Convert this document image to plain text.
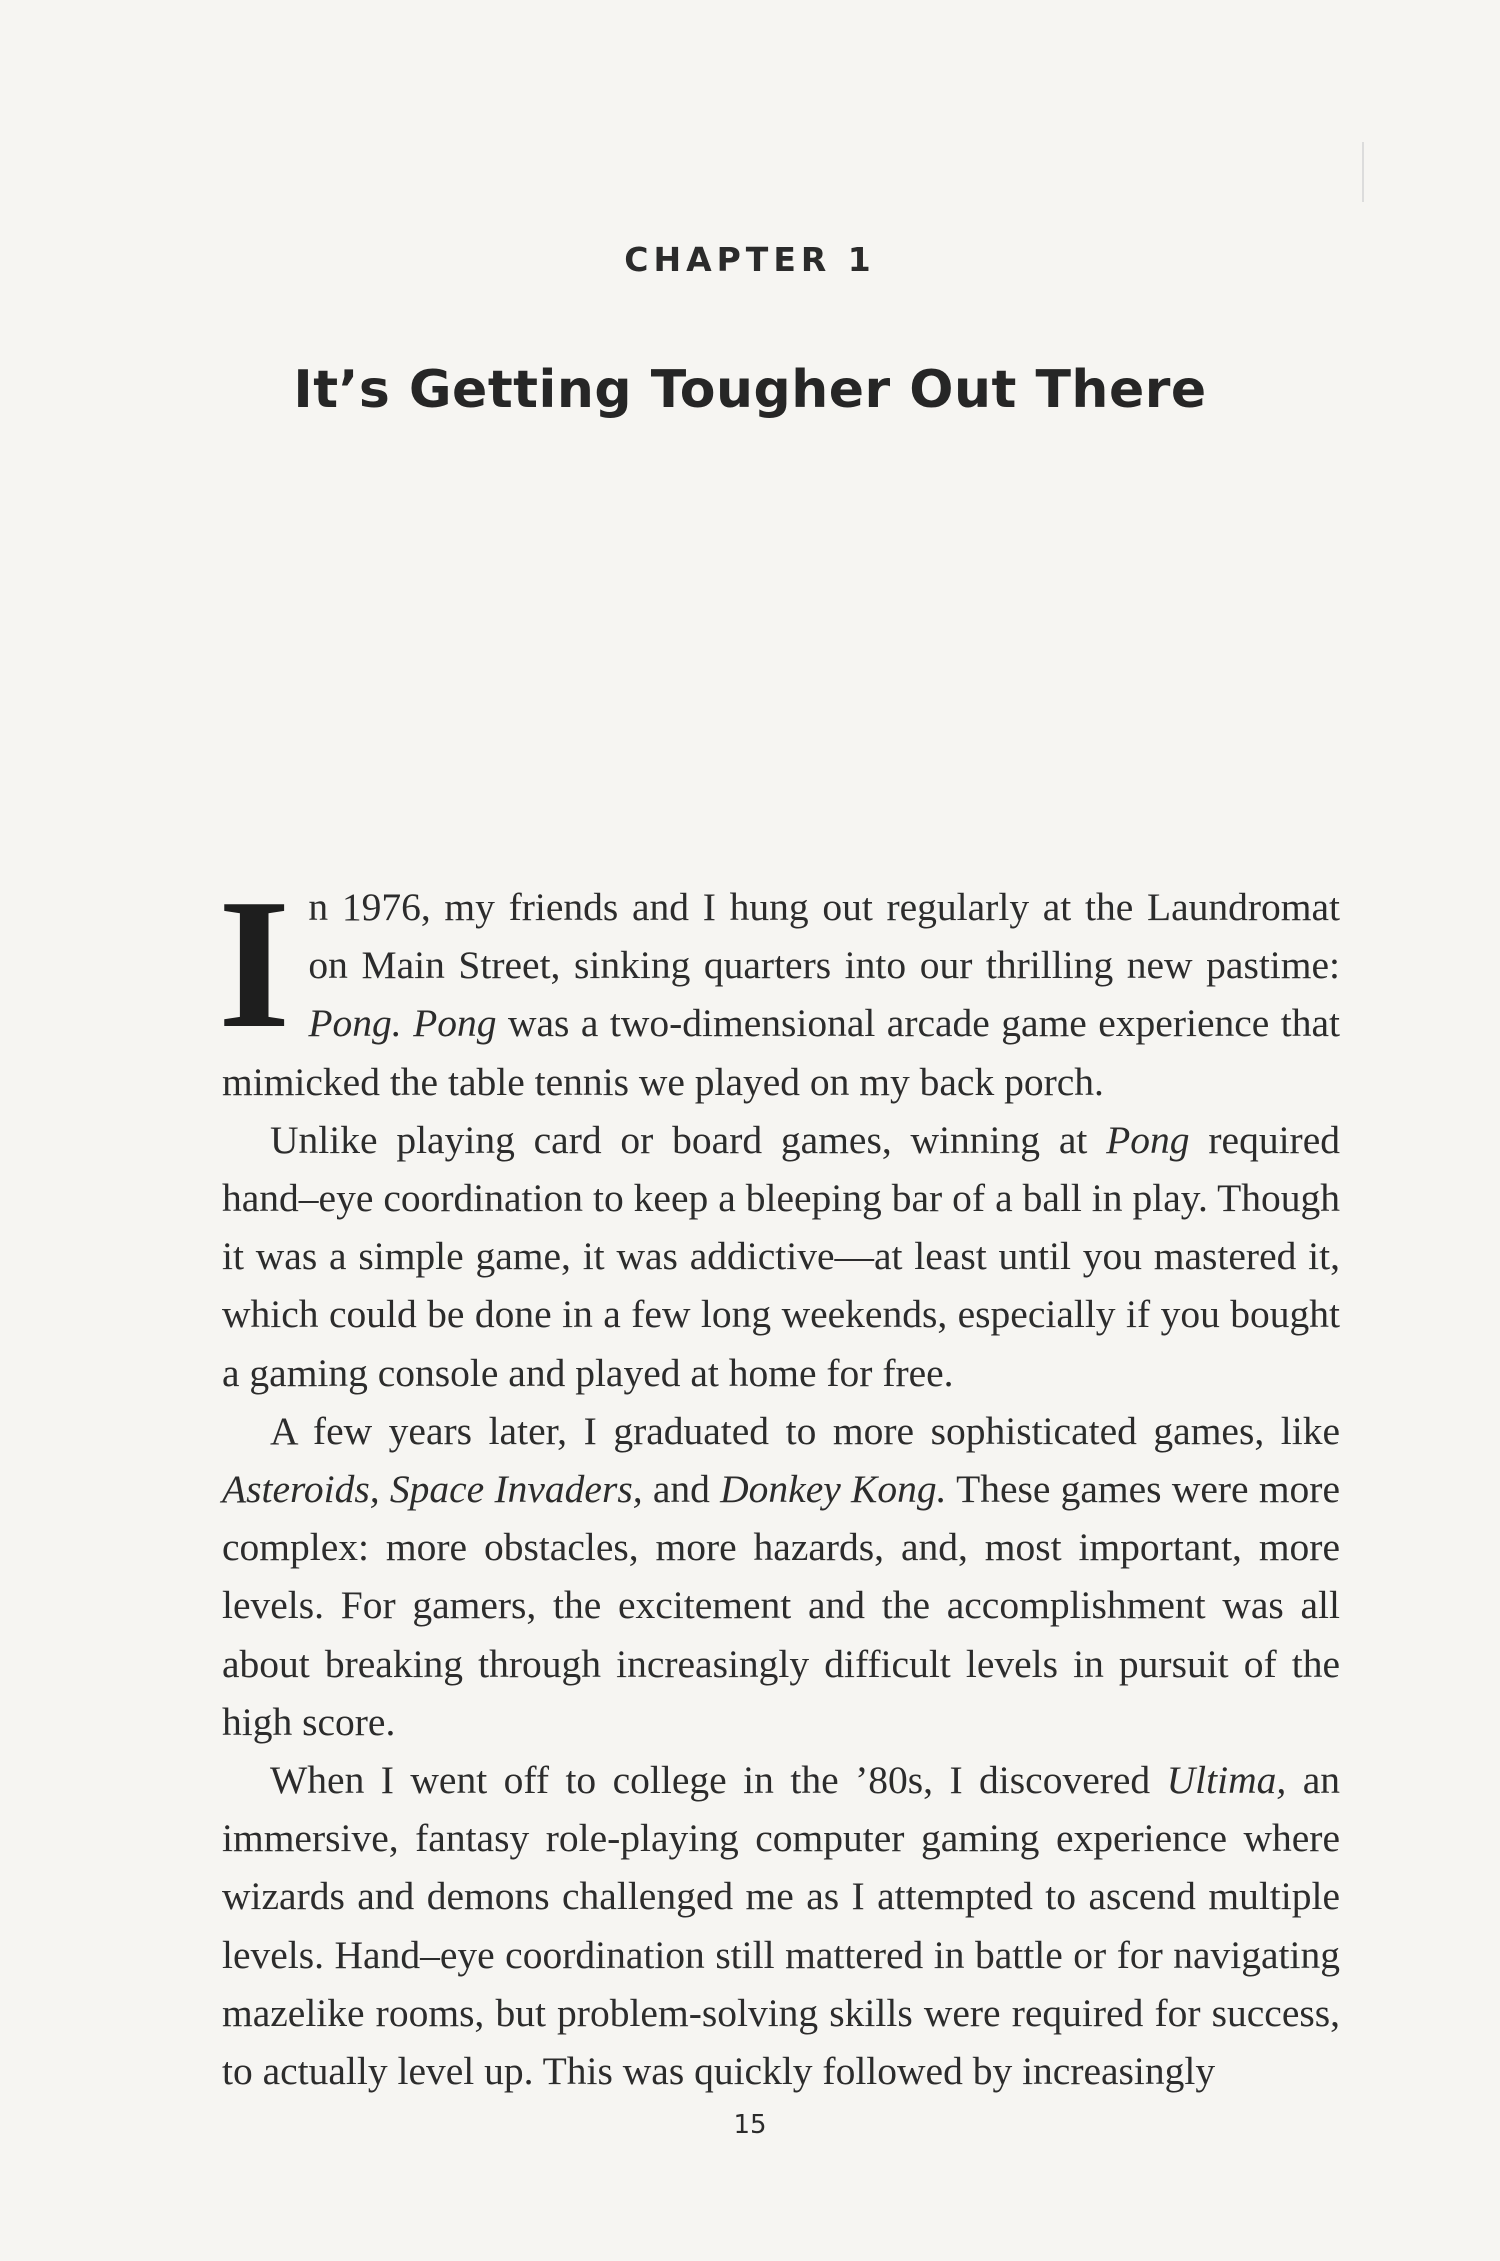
CHAPTER 1
It’s Getting Tougher Out There

In 1976, my friends and I hung out regularly at the Laundromat on Main Street, sinking quarters into our thrilling new pastime: Pong. Pong was a two-dimensional arcade game experience that mimicked the table tennis we played on my back porch.

Unlike playing card or board games, winning at Pong required hand–eye coordination to keep a bleeping bar of a ball in play. Though it was a simple game, it was addictive—at least until you mastered it, which could be done in a few long weekends, especially if you bought a gaming console and played at home for free.

A few years later, I graduated to more sophisticated games, like Asteroids, Space Invaders, and Donkey Kong. These games were more complex: more obstacles, more hazards, and, most important, more levels. For gamers, the excitement and the accomplishment was all about breaking through increasingly difficult levels in pursuit of the high score.

When I went off to college in the ’80s, I discovered Ultima, an immersive, fantasy role-playing computer gaming experience where wizards and demons challenged me as I attempted to ascend multiple levels. Hand–eye coordination still mattered in battle or for navigating mazelike rooms, but problem-solving skills were required for success, to actually level up. This was quickly followed by increasingly

15
